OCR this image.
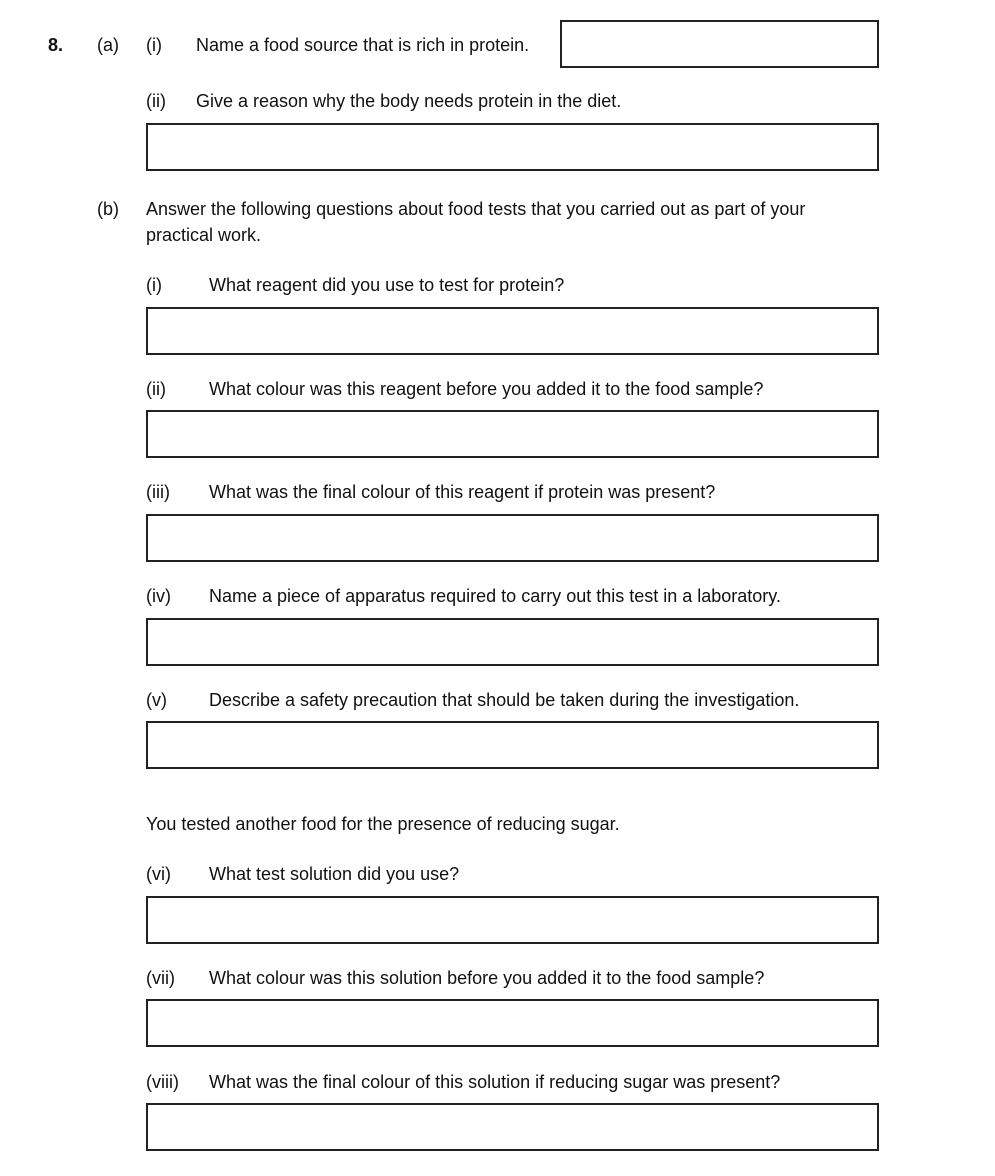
8. (a) (i) Name a food source that is rich in protein.
(ii) Give a reason why the body needs protein in the diet.
(b) Answer the following questions about food tests that you carried out as part of your
practical work.
(i)	What reagent did you use to test for protein?
(ii) What colour was this reagent before you added it to the food sample?
(iii) What was the final colour of this reagent if protein was present?
(iv) Name a piece of apparatus required to carry out this test in a laboratory.
(v) Describe a safety precaution that should be taken during the investigation.
You tested another food for the presence of reducing sugar.
(vi) What test solution did you use?
(vii) What colour was this solution before you added it to the food sample?
(viii) What was the final colour of this solution if reducing sugar was present?
